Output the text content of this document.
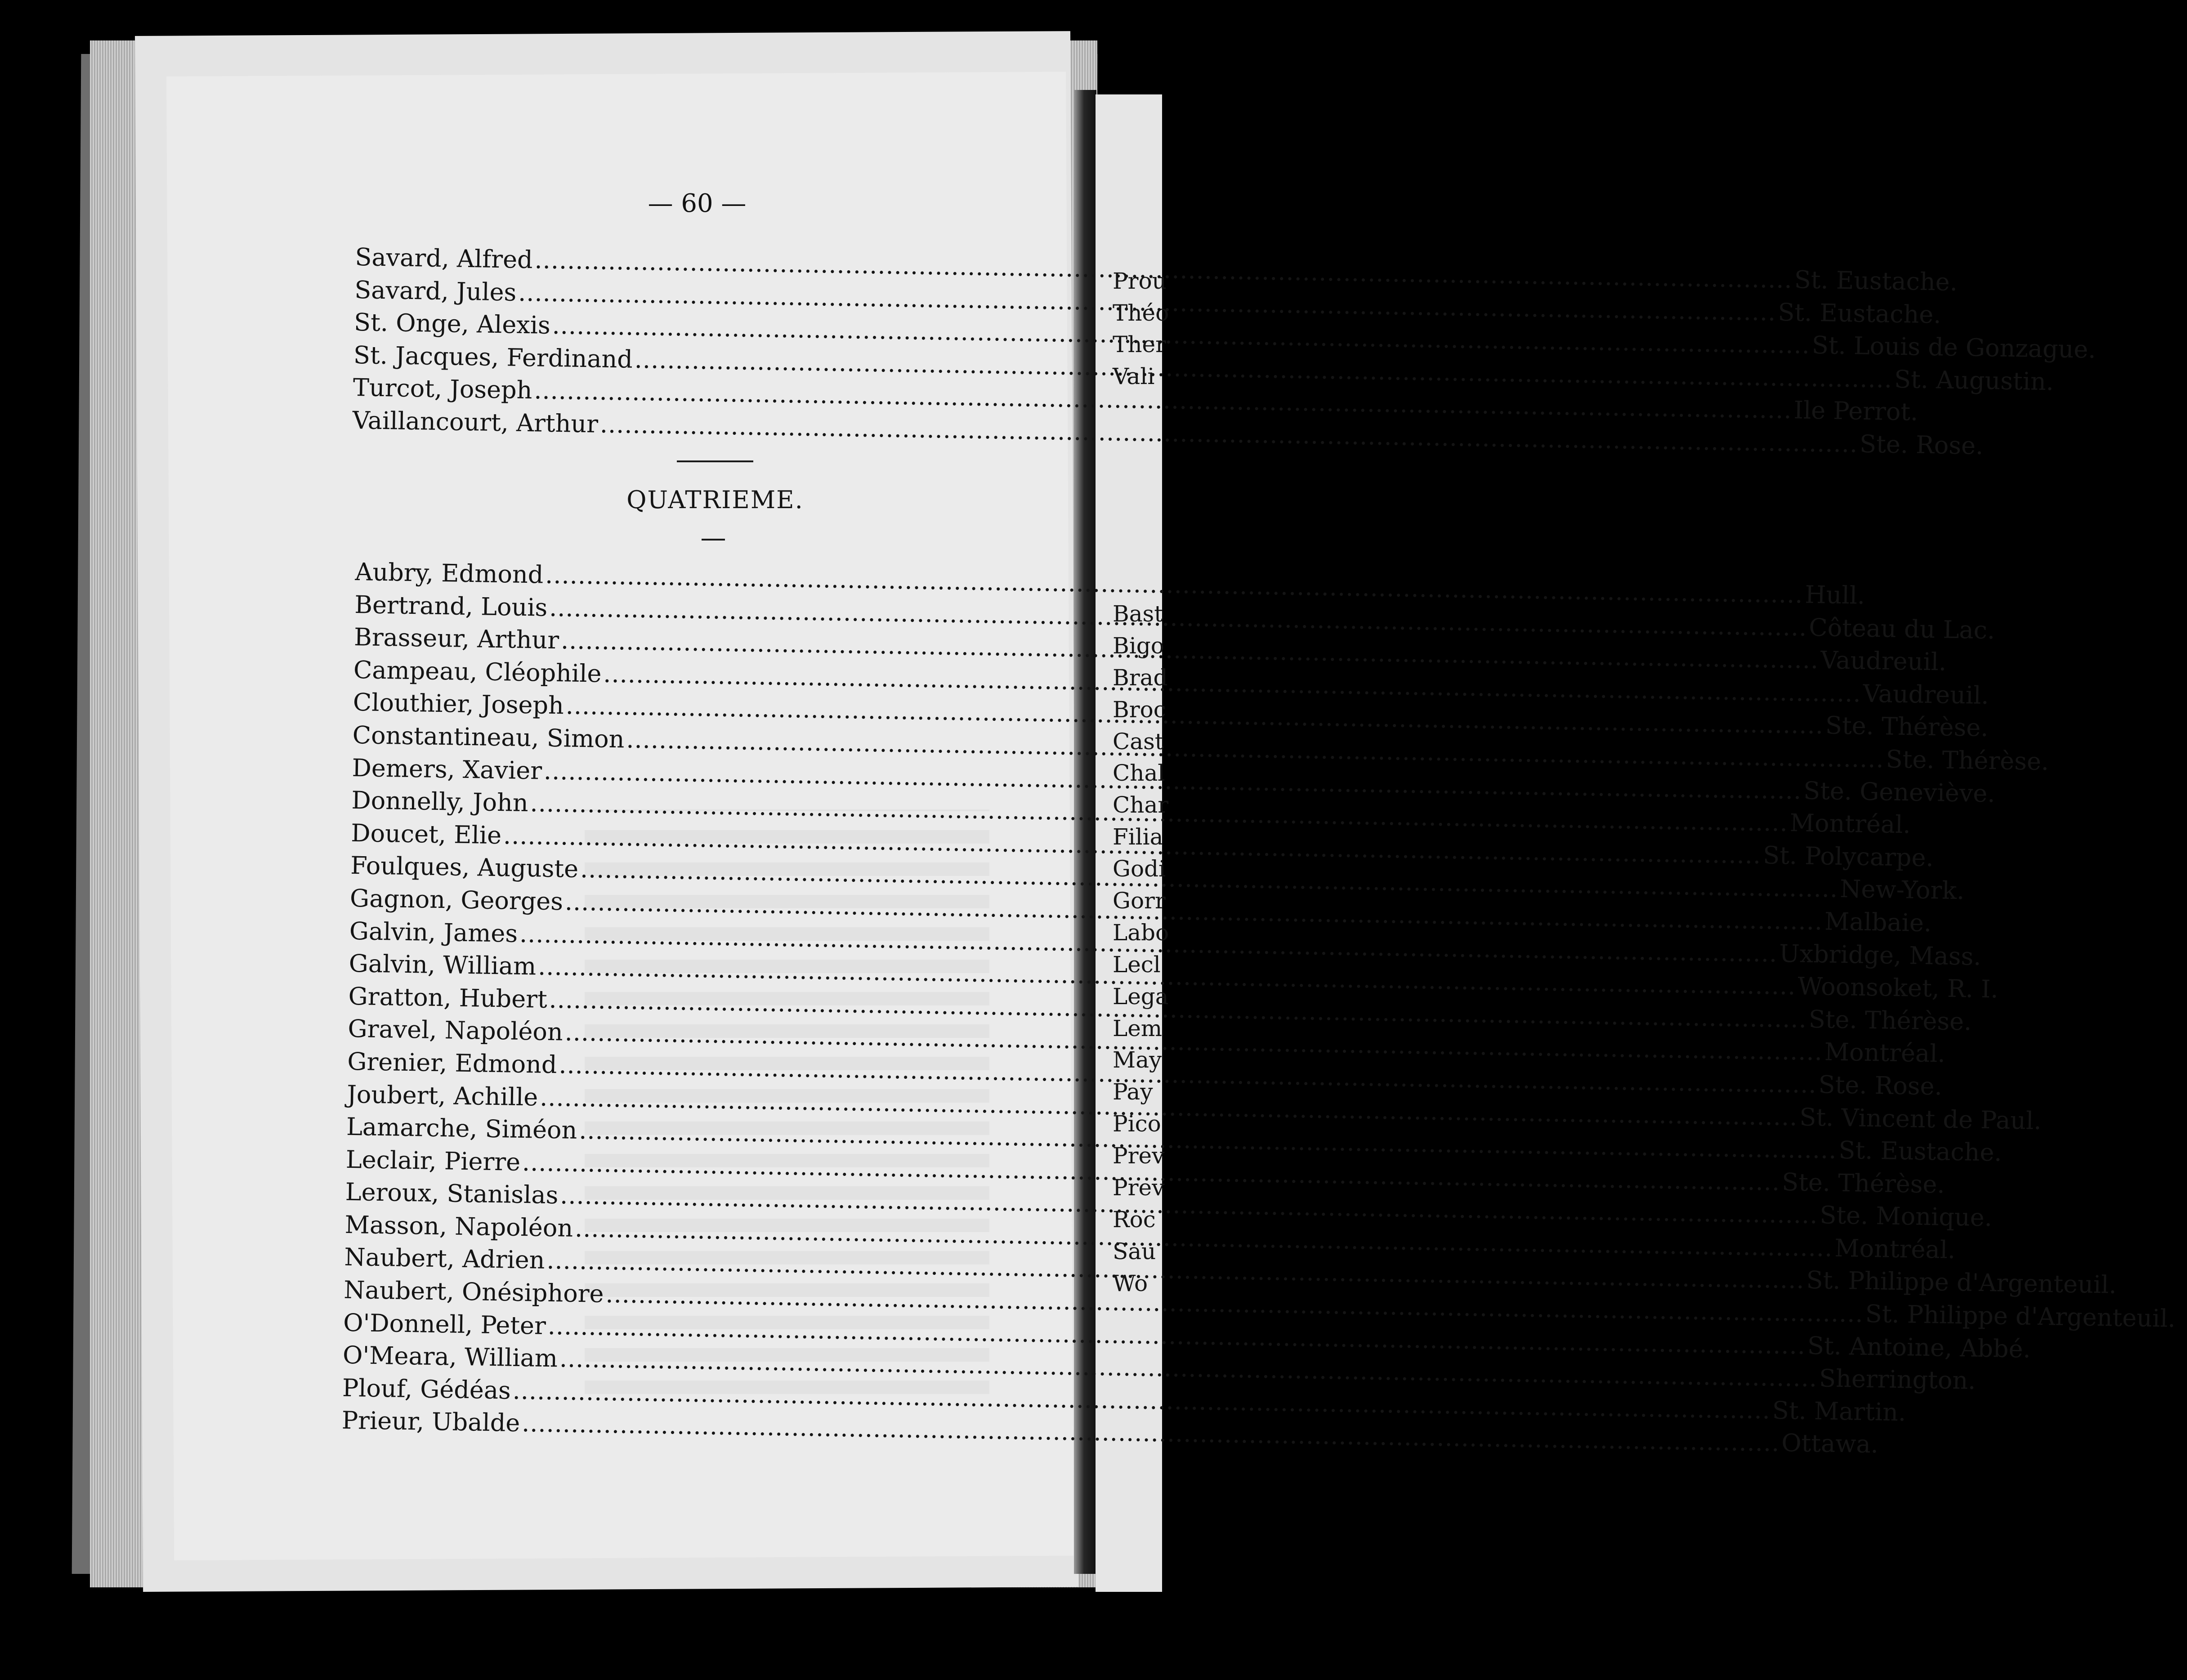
— 60 —
Savard, Alfred
.....
St. Eustache.
Savard, Jules
.....
St. Eustache.
St. Onge, Alexis
.....
St. Louis de Gonzague.
St. Jacques, Ferdinand
.....
St. Augustin.
Turcot, Joseph
.....
Ile Perrot.
Vaillancourt, Arthur
.....
Ste. Rose.
QUATRIEME.
Aubry, Edmond
.....
Hull.
Bertrand, Louis
.....
Côteau du Lac.
Brasseur, Arthur
.....
Vaudreuil.
Campeau, Cléophile
.....
Vaudreuil.
Clouthier, Joseph
.....
Ste. Thérèse.
Constantineau, Simon
.....
Ste. Thérèse.
Demers, Xavier
.....
Ste. Geneviève.
Donnelly, John
.....
Montréal.
Doucet, Elie
.....
St. Polycarpe.
Foulques, Auguste
.....
New-York.
Gagnon, Georges
.....
Malbaie.
Galvin, James
.....
Uxbridge, Mass.
Galvin, William
.....
Woonsoket, R. I.
Gratton, Hubert
.....
Ste. Thérèse.
Gravel, Napoléon
.....
Montréal.
Grenier, Edmond
.....
Ste. Rose.
Joubert, Achille
.....
St. Vincent de Paul.
Lamarche, Siméon
.....
St. Eustache.
Leclair, Pierre
.....
Ste. Thérèse.
Leroux, Stanislas
.....
Ste. Monique.
Masson, Napoléon
.....
Montréal.
Naubert, Adrien
.....
St. Philippe d'Argenteuil.
Naubert, Onésiphore
.....
St. Philippe d'Argenteuil.
O'Donnell, Peter
.....
St. Antoine, Abbé.
O'Meara, William
.....
Sherrington.
Plouf, Gédéas
.....
St. Martin.
Prieur, Ubalde
.....
Ottawa.
Prou
Théo
Ther
Vali
Bast
Bigo
Brad
Broc
Cast
Chal
Char
Filia
Godi
Gorr
Labo
Lecl
Lega
Lem
May
Pay
Pico
Prev
Prev
Roc
Sau
Wo
